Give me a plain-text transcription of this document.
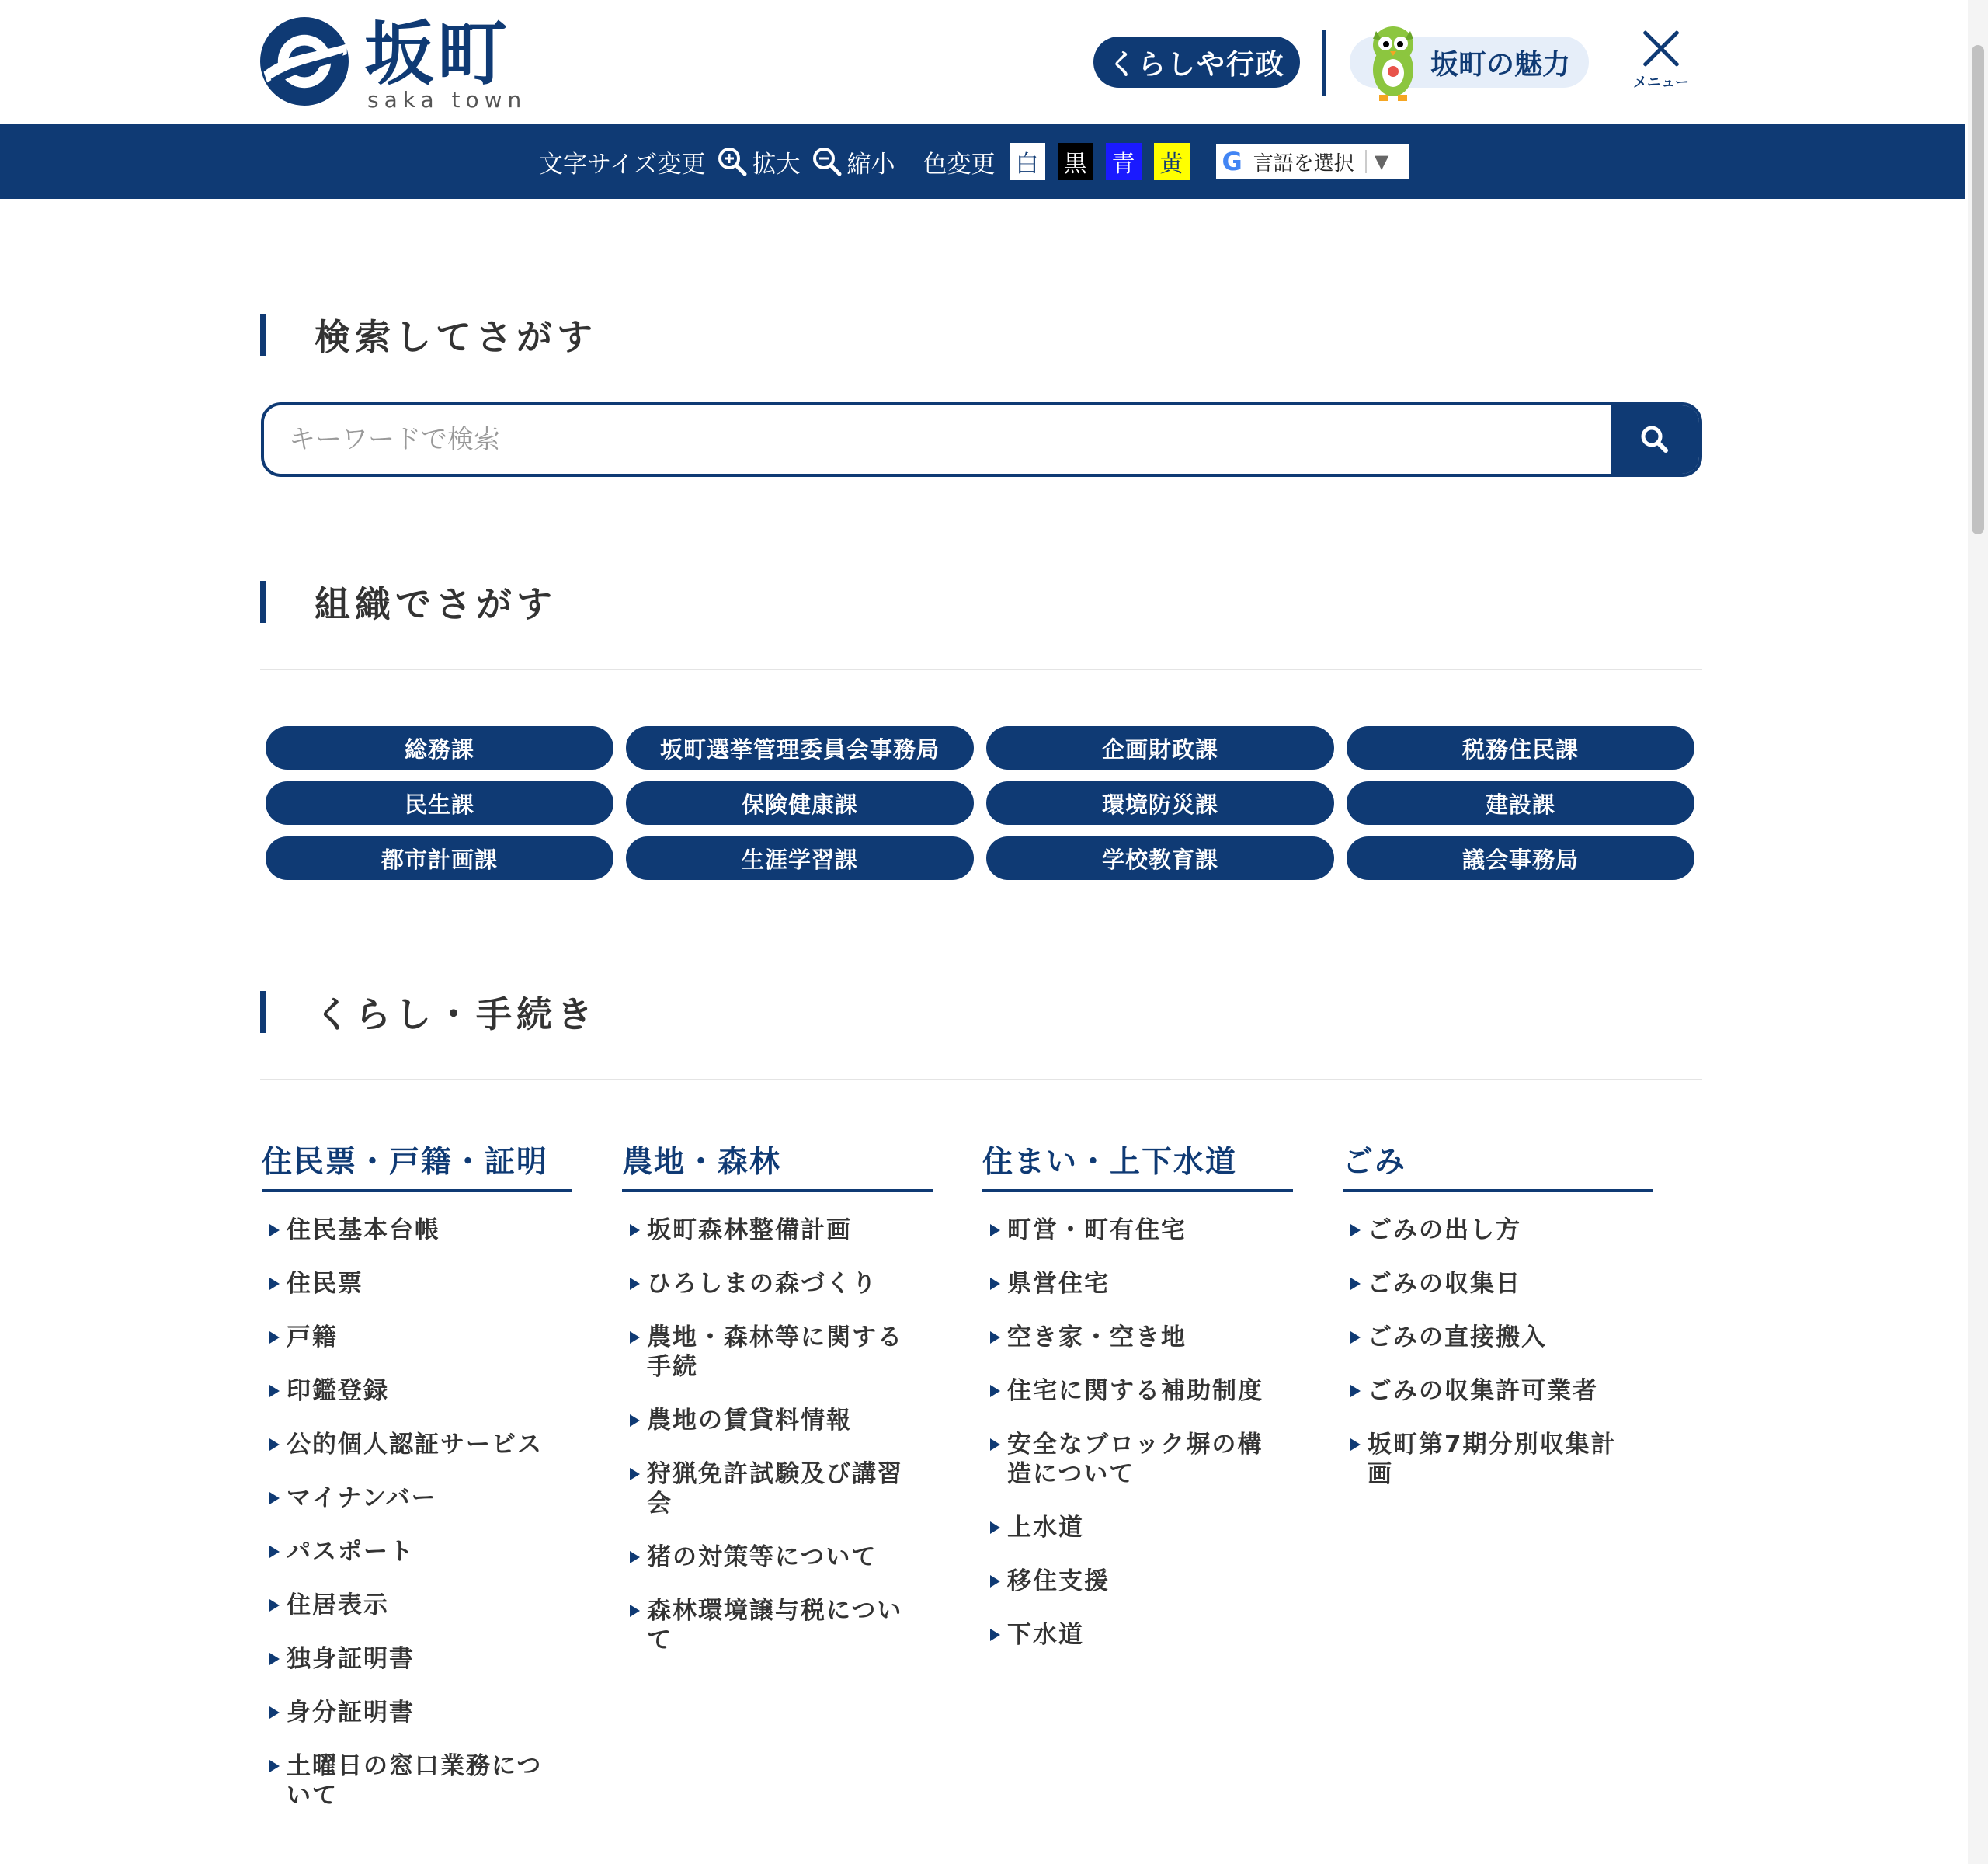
坂町
saka town
くらしや行政	坂町の魅力
メニュー
文字サイズ変更 拡大 縮小 色変更 白 黒 青 黄 G 言語を選択 ▼
検索してさがす
キーワードで検索
組織でさがす
総務課	坂町選挙管理委員会事務局	企画財政課	税務住民課
民生課	保険健康課	環境防災課	建設課
都市計画課	生涯学習課	学校教育課	議会事務局
くらし・手続き
住民票・戸籍・証明
住民基本台帳
住民票
戸籍
印鑑登録
公的個人認証サービス
マイナンバー
パスポート
住居表示
独身証明書
身分証明書
土曜日の窓口業務について
農地・森林
坂町森林整備計画
ひろしまの森づくり
農地・森林等に関する手続
農地の賃貸料情報
狩猟免許試験及び講習会
猪の対策等について
森林環境譲与税について
住まい・上下水道
町営・町有住宅
県営住宅
空き家・空き地
住宅に関する補助制度
安全なブロック塀の構造について
上水道
移住支援
下水道
ごみ
ごみの出し方
ごみの収集日
ごみの直接搬入
ごみの収集許可業者
坂町第7期分別収集計画
